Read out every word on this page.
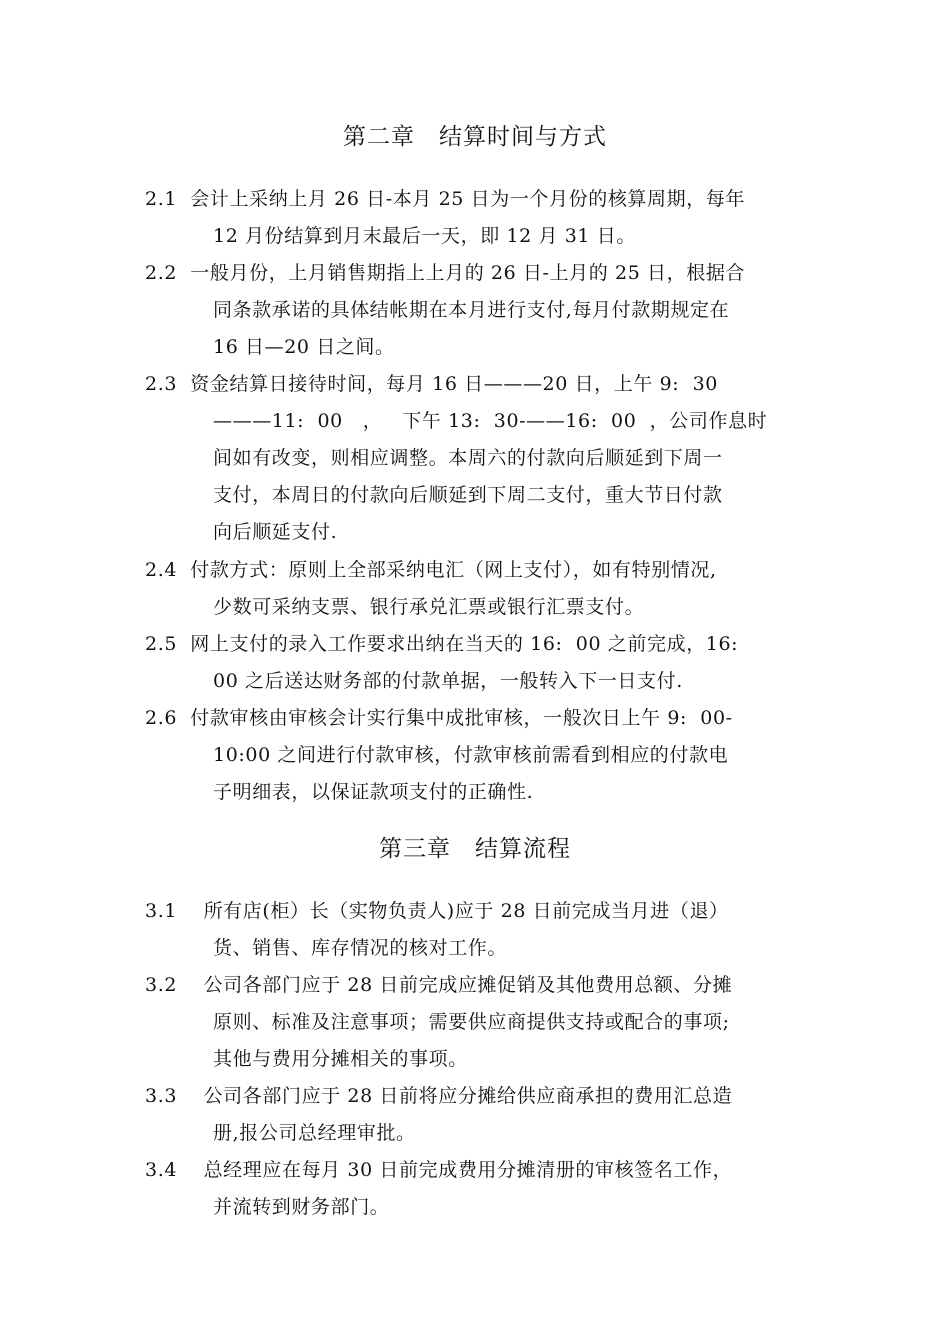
第二章　结算时间与方式
2.1  会计上采纳上月 26 日-本月 25 日为一个月份的核算周期，每年
12 月份结算到月末最后一天，即 12 月 31 日。
2.2  一般月份，上月销售期指上上月的 26 日-上月的 25 日，根据合
同条款承诺的具体结帐期在本月进行支付,每月付款期规定在
16 日—20 日之间。
2.3  资金结算日接待时间，每月 16 日———20 日，上午 9:  30
———11:  00   ，   下午 13:  30-——16:  00  ，公司作息时
间如有改变，则相应调整。本周六的付款向后顺延到下周一
支付，本周日的付款向后顺延到下周二支付，重大节日付款
向后顺延支付.
2.4  付款方式：原则上全部采纳电汇（网上支付），如有特别情况,
少数可采纳支票、银行承兑汇票或银行汇票支付。
2.5  网上支付的录入工作要求出纳在当天的 16:  00 之前完成，16:
00 之后送达财务部的付款单据，一般转入下一日支付.
2.6  付款审核由审核会计实行集中成批审核，一般次日上午 9:  00-
10:00 之间进行付款审核，付款审核前需看到相应的付款电
子明细表，以保证款项支付的正确性.
第三章　结算流程
3.1    所有店(柜）长（实物负责人)应于 28 日前完成当月进（退）
货、销售、库存情况的核对工作。
3.2    公司各部门应于 28 日前完成应摊促销及其他费用总额、分摊
原则、标准及注意事项；需要供应商提供支持或配合的事项;
其他与费用分摊相关的事项。
3.3    公司各部门应于 28 日前将应分摊给供应商承担的费用汇总造
册,报公司总经理审批。
3.4    总经理应在每月 30 日前完成费用分摊清册的审核签名工作，
并流转到财务部门。
